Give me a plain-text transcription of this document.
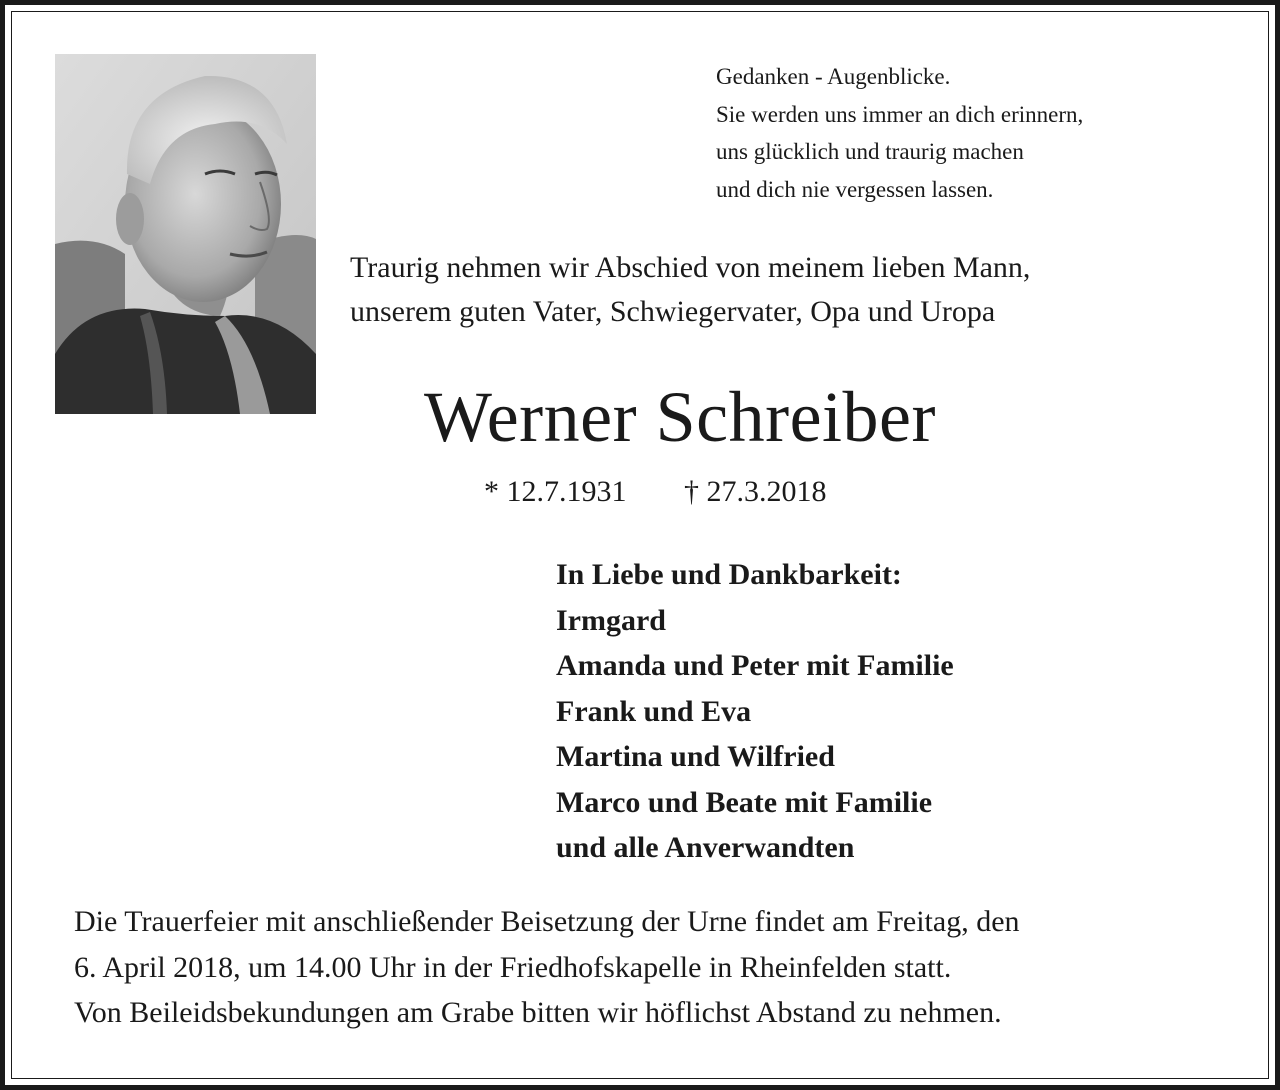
Gedanken - Augenblicke.
Sie werden uns immer an dich erinnern,
uns glücklich und traurig machen
und dich nie vergessen lassen.
Traurig nehmen wir Abschied von meinem lieben Mann,
unserem guten Vater, Schwiegervater, Opa und Uropa
Werner Schreiber
* 12.7.1931 † 27.3.2018
In Liebe und Dankbarkeit:
Irmgard
Amanda und Peter mit Familie
Frank und Eva
Martina und Wilfried
Marco und Beate mit Familie
und alle Anverwandten
Die Trauerfeier mit anschließender Beisetzung der Urne findet am Freitag, den
6. April 2018, um 14.00 Uhr in der Friedhofskapelle in Rheinfelden statt.
Von Beileidsbekundungen am Grabe bitten wir höflichst Abstand zu nehmen.
